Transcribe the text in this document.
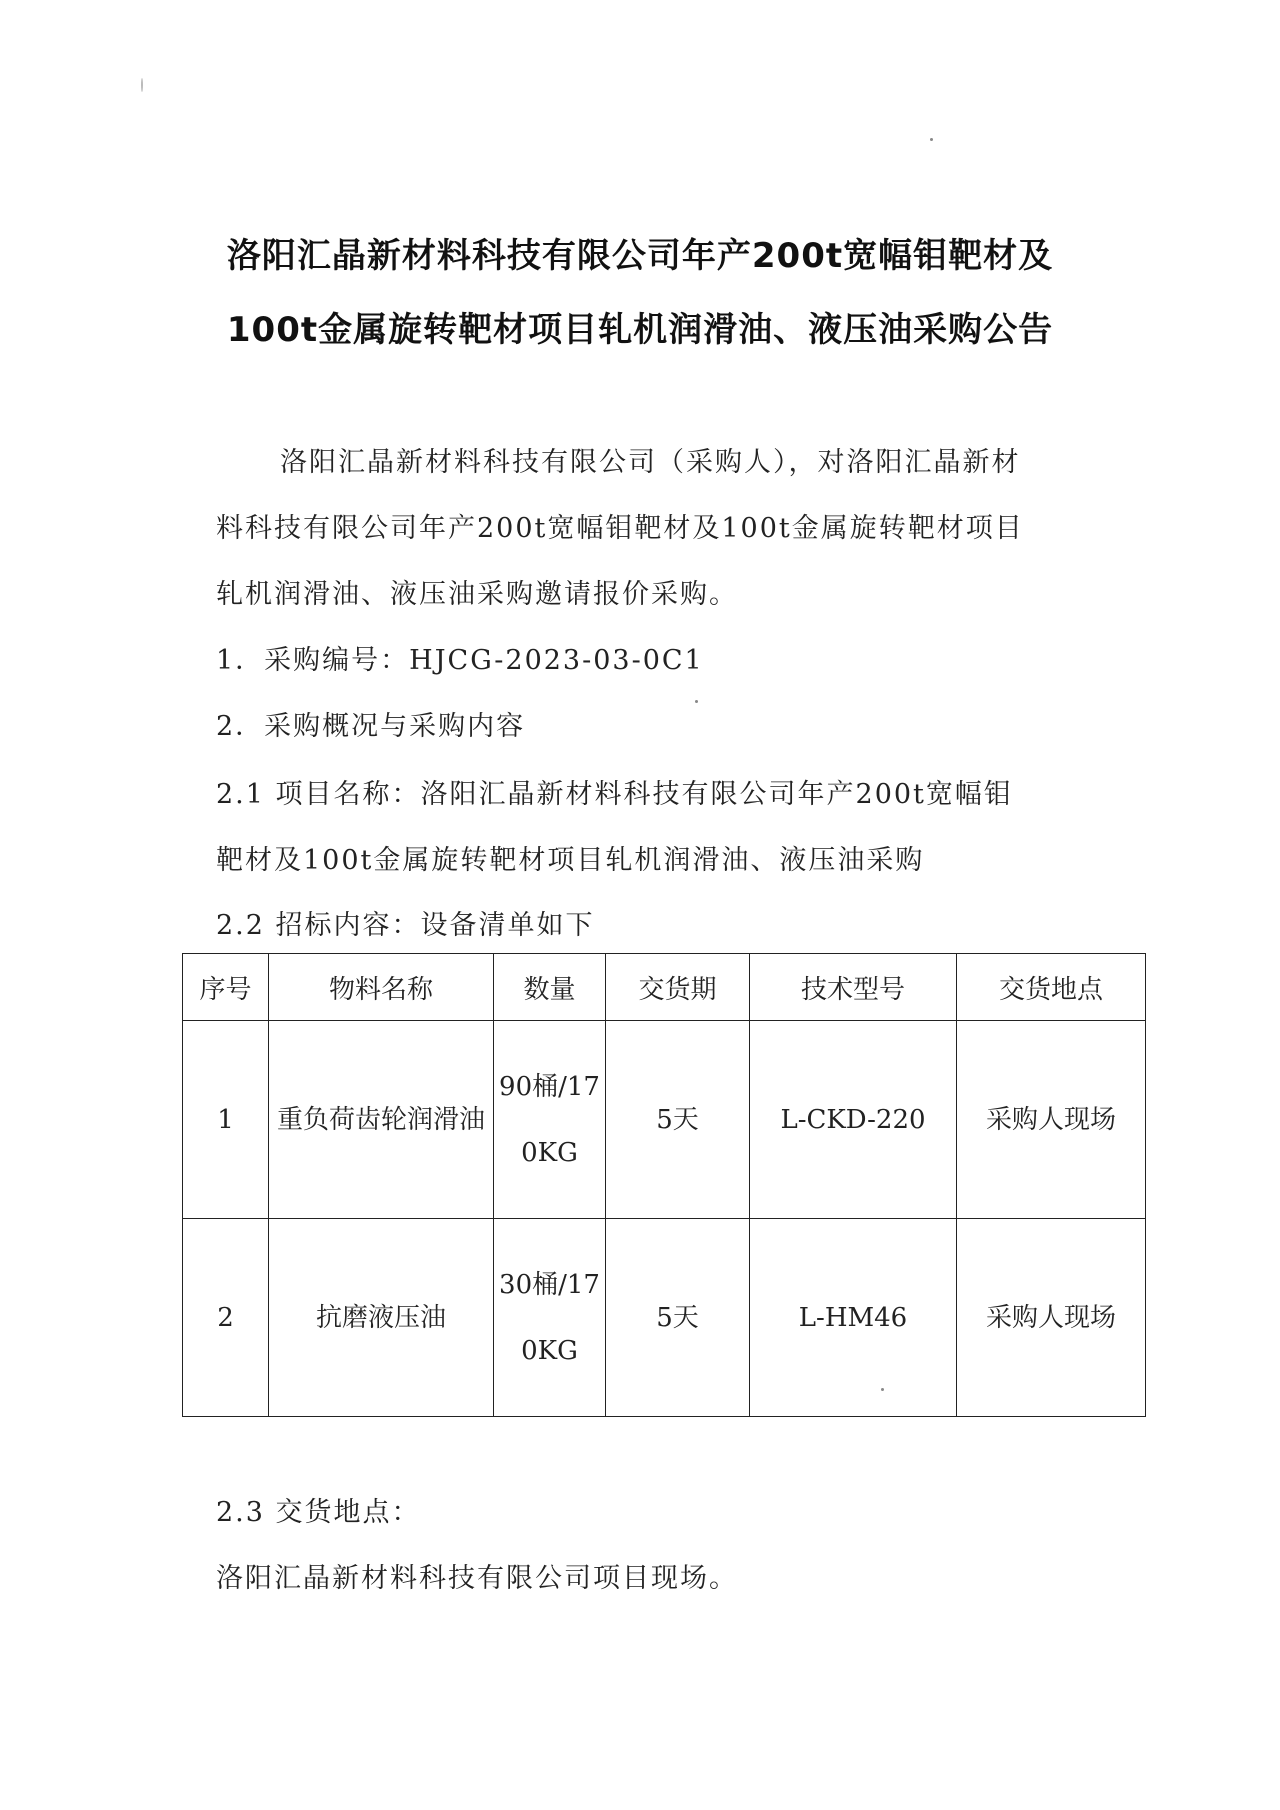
洛阳汇晶新材料科技有限公司年产200t宽幅钼靶材及
100t金属旋转靶材项目轧机润滑油、液压油采购公告
洛阳汇晶新材料科技有限公司（采购人），对洛阳汇晶新材
料科技有限公司年产200t宽幅钼靶材及100t金属旋转靶材项目
轧机润滑油、液压油采购邀请报价采购。
1．采购编号：HJCG-2023-03-0C1
2．采购概况与采购内容
2.1 项目名称：洛阳汇晶新材料科技有限公司年产200t宽幅钼
靶材及100t金属旋转靶材项目轧机润滑油、液压油采购
2.2 招标内容：设备清单如下
序号	物料名称	数量	交货期	技术型号	交货地点
1	重负荷齿轮润滑油	90桶/170KG	5天	L-CKD-220	采购人现场
2	抗磨液压油	30桶/170KG	5天	L-HM46	采购人现场
2.3 交货地点：
洛阳汇晶新材料科技有限公司项目现场。
